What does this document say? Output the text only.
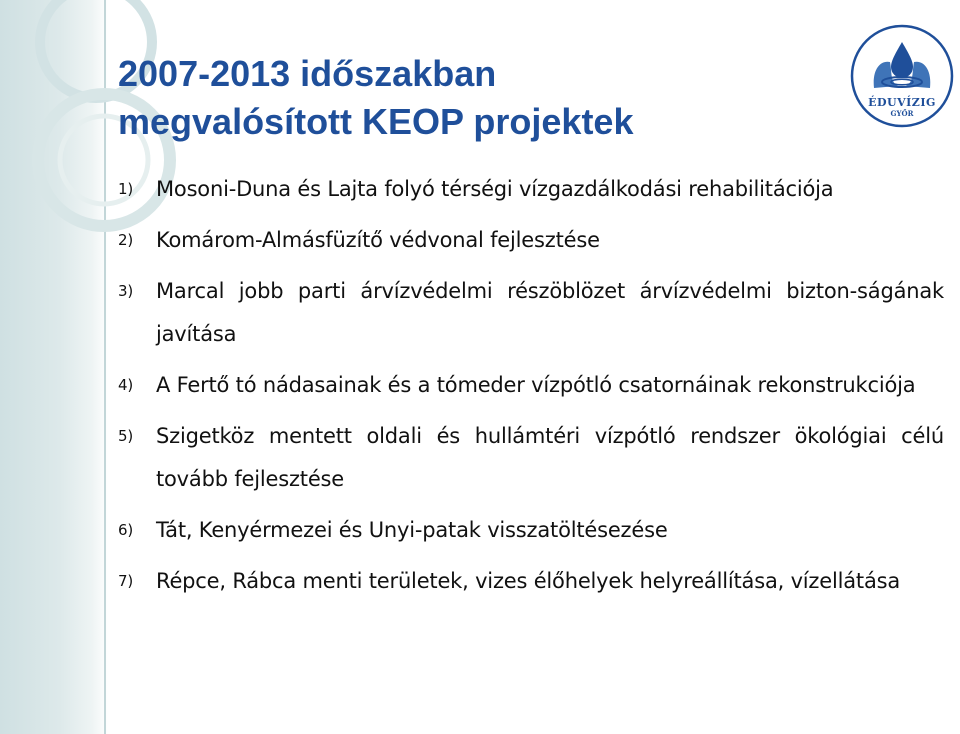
2007-2013 időszakban
megvalósított KEOP projektek	ÉDUVÍZIG
GYŐR
1) Mosoni-Duna és Lajta folyó térségi vízgazdálkodási rehabilitációja
2) Komárom-Almásfüzítő védvonal fejlesztése
3) Marcal jobb parti árvízvédelmi részöblözet árvízvédelmi bizton-ságának javítása
4) A Fertő tó nádasainak és a tómeder vízpótló csatornáinak rekonstrukciója
5) Szigetköz mentett oldali és hullámtéri vízpótló rendszer ökológiai célú tovább fejlesztése
6) Tát, Kenyérmezei és Unyi-patak visszatöltésezése
7) Répce, Rábca menti területek, vizes élőhelyek helyreállítása, vízellátása
